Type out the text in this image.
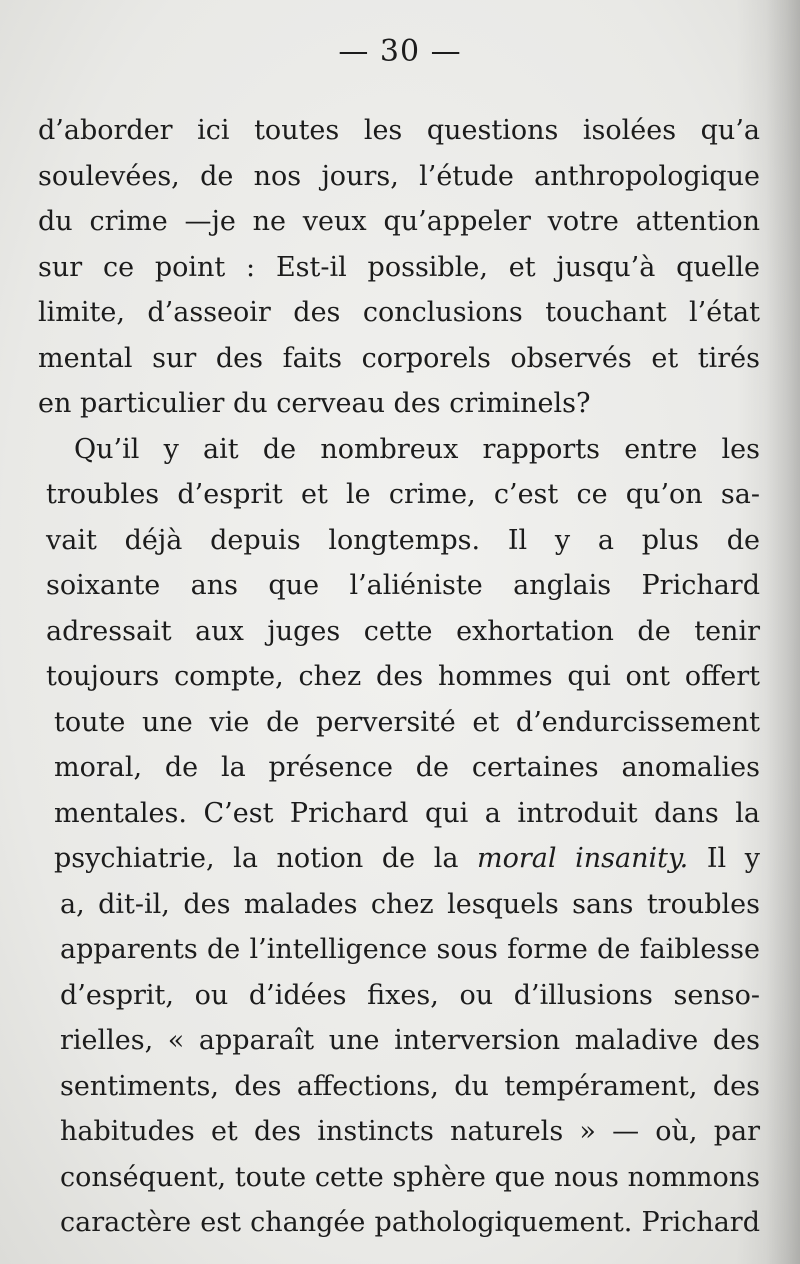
— 30 —
d’aborder ici toutes les questions isolées qu’a
soulevées, de nos jours, l’étude anthropologique
du crime —je ne veux qu’appeler votre attention
sur ce point : Est-il possible, et jusqu’à quelle
limite, d’asseoir des conclusions touchant l’état
mental sur des faits corporels observés et tirés
en particulier du cerveau des criminels?
Qu’il y ait de nombreux rapports entre les
troubles d’esprit et le crime, c’est ce qu’on sa-
vait déjà depuis longtemps. Il y a plus de
soixante ans que l’aliéniste anglais Prichard
adressait aux juges cette exhortation de tenir
toujours compte, chez des hommes qui ont offert
toute une vie de perversité et d’endurcissement
moral, de la présence de certaines anomalies
mentales. C’est Prichard qui a introduit dans la
psychiatrie, la notion de la moral insanity. Il y
a, dit-il, des malades chez lesquels sans troubles
apparents de l’intelligence sous forme de faiblesse
d’esprit, ou d’idées fixes, ou d’illusions senso-
rielles, « apparaît une interversion maladive des
sentiments, des affections, du tempérament, des
habitudes et des instincts naturels » — où, par
conséquent, toute cette sphère que nous nommons
caractère est changée pathologiquement. Prichard
